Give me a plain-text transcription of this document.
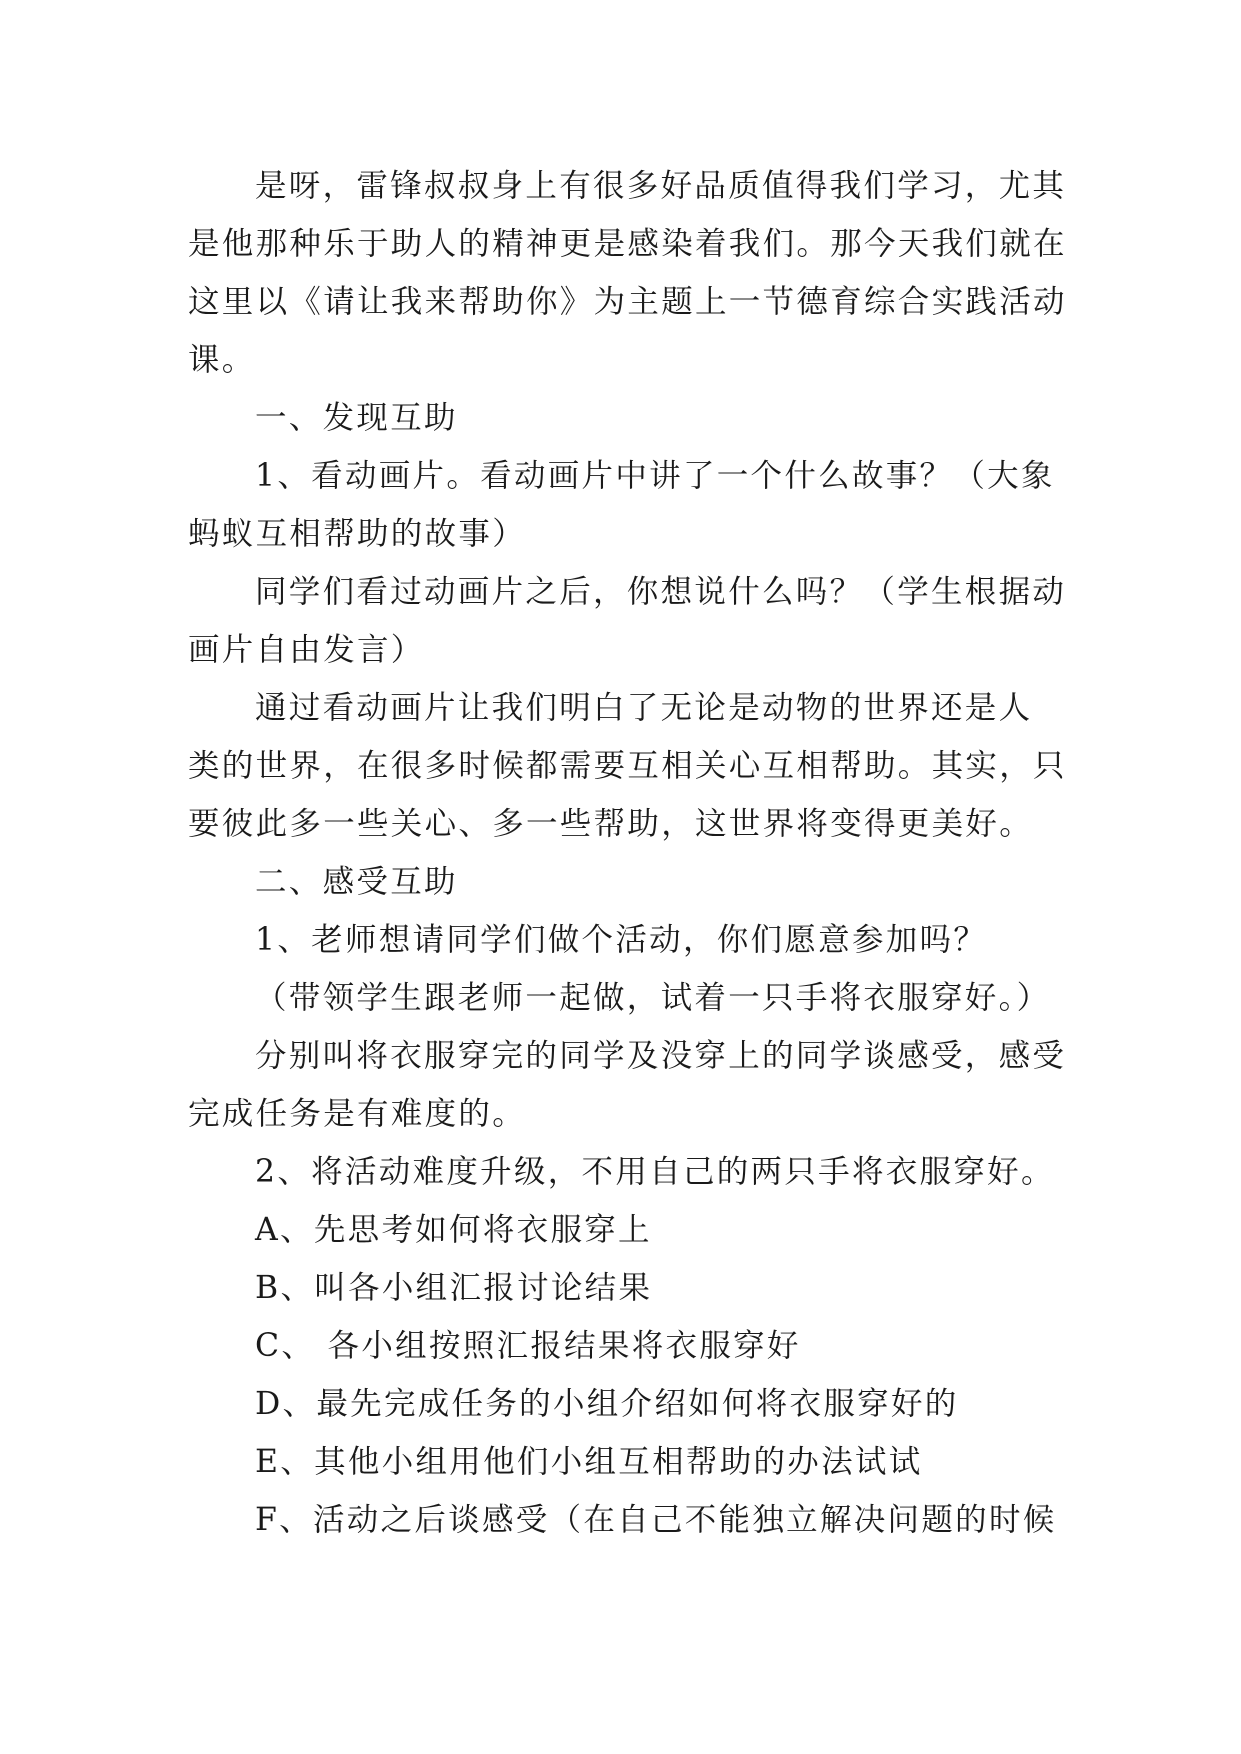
是呀，雷锋叔叔身上有很多好品质值得我们学习，尤其
是他那种乐于助人的精神更是感染着我们。那今天我们就在
这里以《请让我来帮助你》为主题上一节德育综合实践活动
课。
一、发现互助
1、看动画片。看动画片中讲了一个什么故事？（大象
蚂蚁互相帮助的故事）
同学们看过动画片之后，你想说什么吗？（学生根据动
画片自由发言）
通过看动画片让我们明白了无论是动物的世界还是人
类的世界，在很多时候都需要互相关心互相帮助。其实，只
要彼此多一些关心、多一些帮助，这世界将变得更美好。
二、感受互助
1、老师想请同学们做个活动，你们愿意参加吗？
（带领学生跟老师一起做，试着一只手将衣服穿好。）
分别叫将衣服穿完的同学及没穿上的同学谈感受，感受
完成任务是有难度的。
2、将活动难度升级，不用自己的两只手将衣服穿好。
A、先思考如何将衣服穿上
B、叫各小组汇报讨论结果
C、 各小组按照汇报结果将衣服穿好
D、最先完成任务的小组介绍如何将衣服穿好的
E、其他小组用他们小组互相帮助的办法试试
F、活动之后谈感受（在自己不能独立解决问题的时候
